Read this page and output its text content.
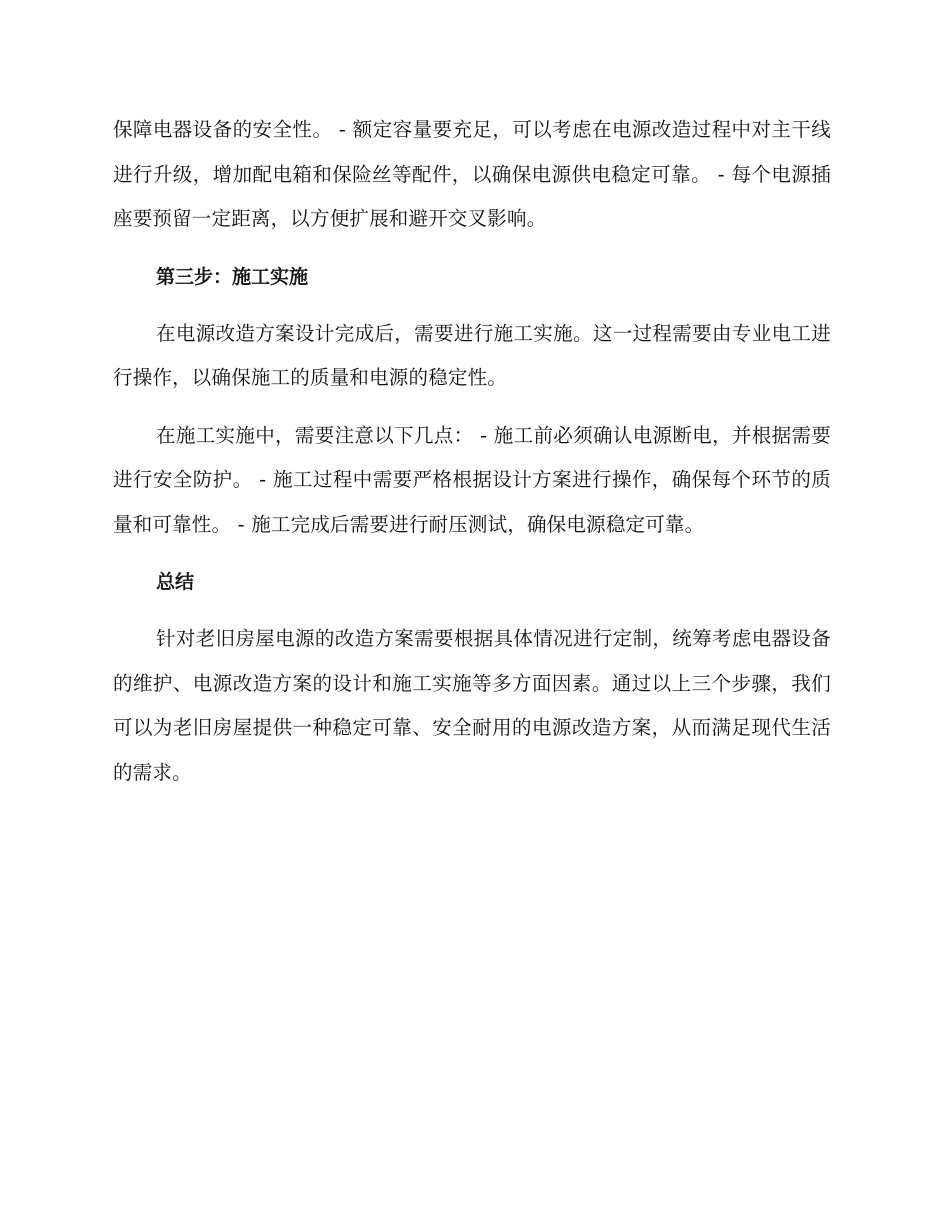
保障电器设备的安全性。 - 额定容量要充足，可以考虑在电源改造过程中对主干线进行升级，增加配电箱和保险丝等配件，以确保电源供电稳定可靠。 - 每个电源插座要预留一定距离，以方便扩展和避开交叉影响。

第三步：施工实施

在电源改造方案设计完成后，需要进行施工实施。这一过程需要由专业电工进行操作，以确保施工的质量和电源的稳定性。

在施工实施中，需要注意以下几点： - 施工前必须确认电源断电，并根据需要进行安全防护。 - 施工过程中需要严格根据设计方案进行操作，确保每个环节的质量和可靠性。 - 施工完成后需要进行耐压测试，确保电源稳定可靠。

总结

针对老旧房屋电源的改造方案需要根据具体情况进行定制，统筹考虑电器设备的维护、电源改造方案的设计和施工实施等多方面因素。通过以上三个步骤，我们可以为老旧房屋提供一种稳定可靠、安全耐用的电源改造方案，从而满足现代生活的需求。
